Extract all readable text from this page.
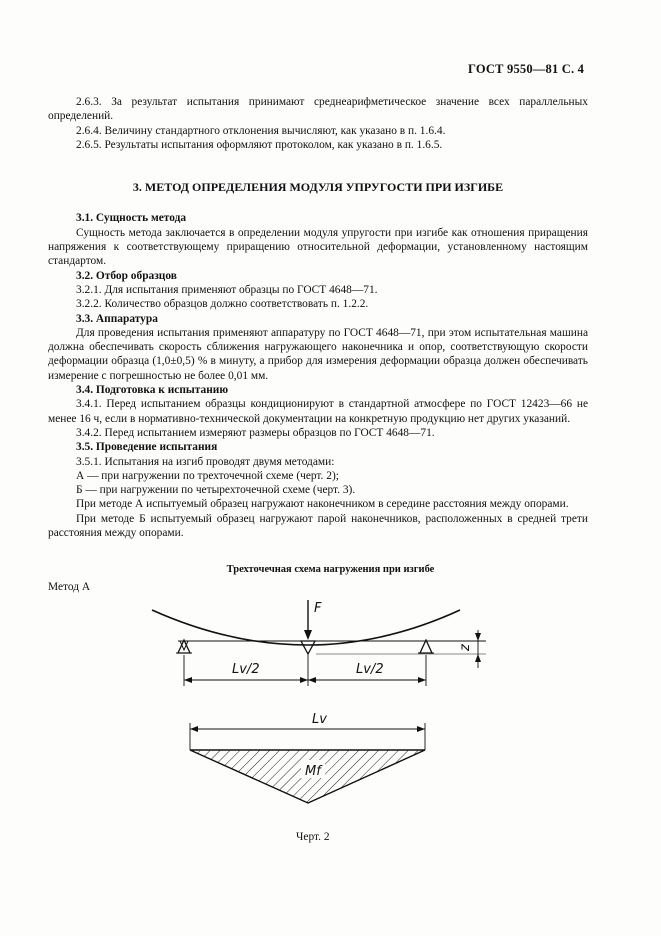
ГОСТ 9550—81 С. 4

2.6.3. За результат испытания принимают среднеарифметическое значение всех параллельных определений.

2.6.4. Величину стандартного отклонения вычисляют, как указано в п. 1.6.4.

2.6.5. Результаты испытания оформляют протоколом, как указано в п. 1.6.5.

3. МЕТОД ОПРЕДЕЛЕНИЯ МОДУЛЯ УПРУГОСТИ ПРИ ИЗГИБЕ

3.1. Сущность метода

Сущность метода заключается в определении модуля упругости при изгибе как отношения приращения напряжения к соответствующему приращению относительной деформации, установленному настоящим стандартом.

3.2. Отбор образцов

3.2.1. Для испытания применяют образцы по ГОСТ 4648—71.

3.2.2. Количество образцов должно соответствовать п. 1.2.2.

3.3. Аппаратура

Для проведения испытания применяют аппаратуру по ГОСТ 4648—71, при этом испытательная машина должна обеспечивать скорость сближения нагружающего наконечника и опор, соответствующую скорости деформации образца (1,0±0,5) % в минуту, а прибор для измерения деформации образца должен обеспечивать измерение с погрешностью не более 0,01 мм.

3.4. Подготовка к испытанию

3.4.1. Перед испытанием образцы кондиционируют в стандартной атмосфере по ГОСТ 12423—66 не менее 16 ч, если в нормативно-технической документации на конкретную продукцию нет других указаний.

3.4.2. Перед испытанием измеряют размеры образцов по ГОСТ 4648—71.

3.5. Проведение испытания

3.5.1. Испытания на изгиб проводят двумя методами:

А — при нагружении по трехточечной схеме (черт. 2);

Б — при нагружении по четырехточечной схеме (черт. 3).

При методе А испытуемый образец нагружают наконечником в середине расстояния между опорами.

При методе Б испытуемый образец нагружают парой наконечников, расположенных в средней трети расстояния между опорами.

Трехточечная схема нагружения при изгибе
Метод А
F
Lv/2	Lv/2
z
Lv
Mf
Черт. 2
